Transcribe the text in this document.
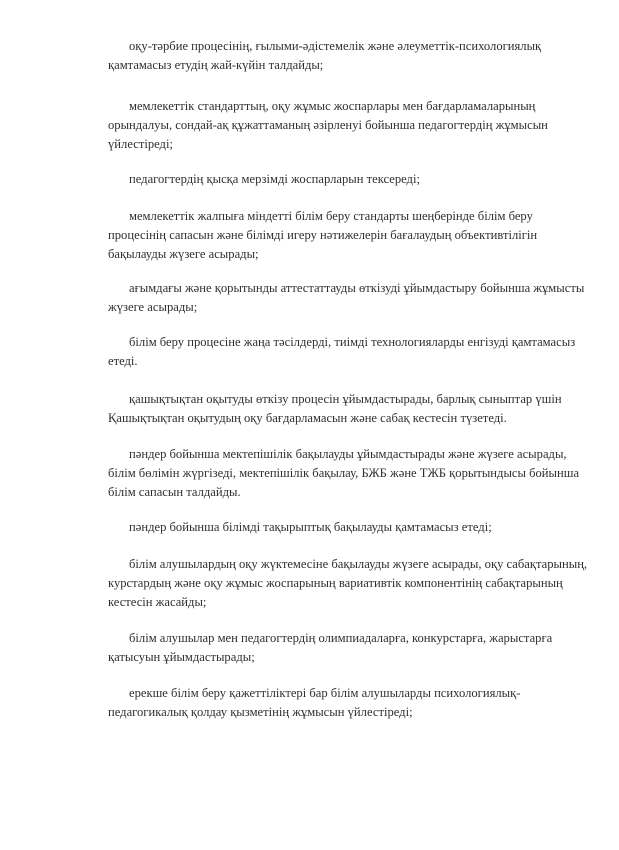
оқу-тәрбие процесінің, ғылыми-әдістемелік және әлеуметтік-психологиялық
қамтамасыз етудің жай-күйін талдайды;

мемлекеттік стандарттың, оқу жұмыс жоспарлары мен бағдарламаларының
орындалуы, сондай-ақ құжаттаманың әзірленуі бойынша педагогтердің жұмысын
үйлестіреді;

педагогтердің қысқа мерзімді жоспарларын тексереді;

мемлекеттік жалпыға міндетті білім беру стандарты шеңберінде білім беру
процесінің сапасын және білімді игеру нәтижелерін бағалаудың объективтілігін
бақылауды жүзеге асырады;

ағымдағы және қорытынды аттестаттауды өткізуді ұйымдастыру бойынша жұмысты
жүзеге асырады;

білім беру процесіне жаңа тәсілдерді, тиімді технологияларды енгізуді қамтамасыз
етеді.

қашықтықтан оқытуды өткізу процесін ұйымдастырады, барлық сыныптар үшін
Қашықтықтан оқытудың оқу бағдарламасын және сабақ кестесін түзетеді.

пәндер бойынша мектепішілік бақылауды ұйымдастырады және жүзеге асырады,
білім бөлімін жүргізеді, мектепішілік бақылау, БЖБ және ТЖБ қорытындысы бойынша
білім сапасын талдайды.

пәндер бойынша білімді тақырыптық бақылауды қамтамасыз етеді;

білім алушылардың оқу жүктемесіне бақылауды жүзеге асырады, оқу сабақтарының,
курстардың және оқу жұмыс жоспарының вариативтік компонентінің сабақтарының
кестесін жасайды;

білім алушылар мен педагогтердің олимпиадаларға, конкурстарға, жарыстарға
қатысуын ұйымдастырады;

ерекше білім беру қажеттіліктері бар білім алушыларды психологиялық-
педагогикалық қолдау қызметінің жұмысын үйлестіреді;
